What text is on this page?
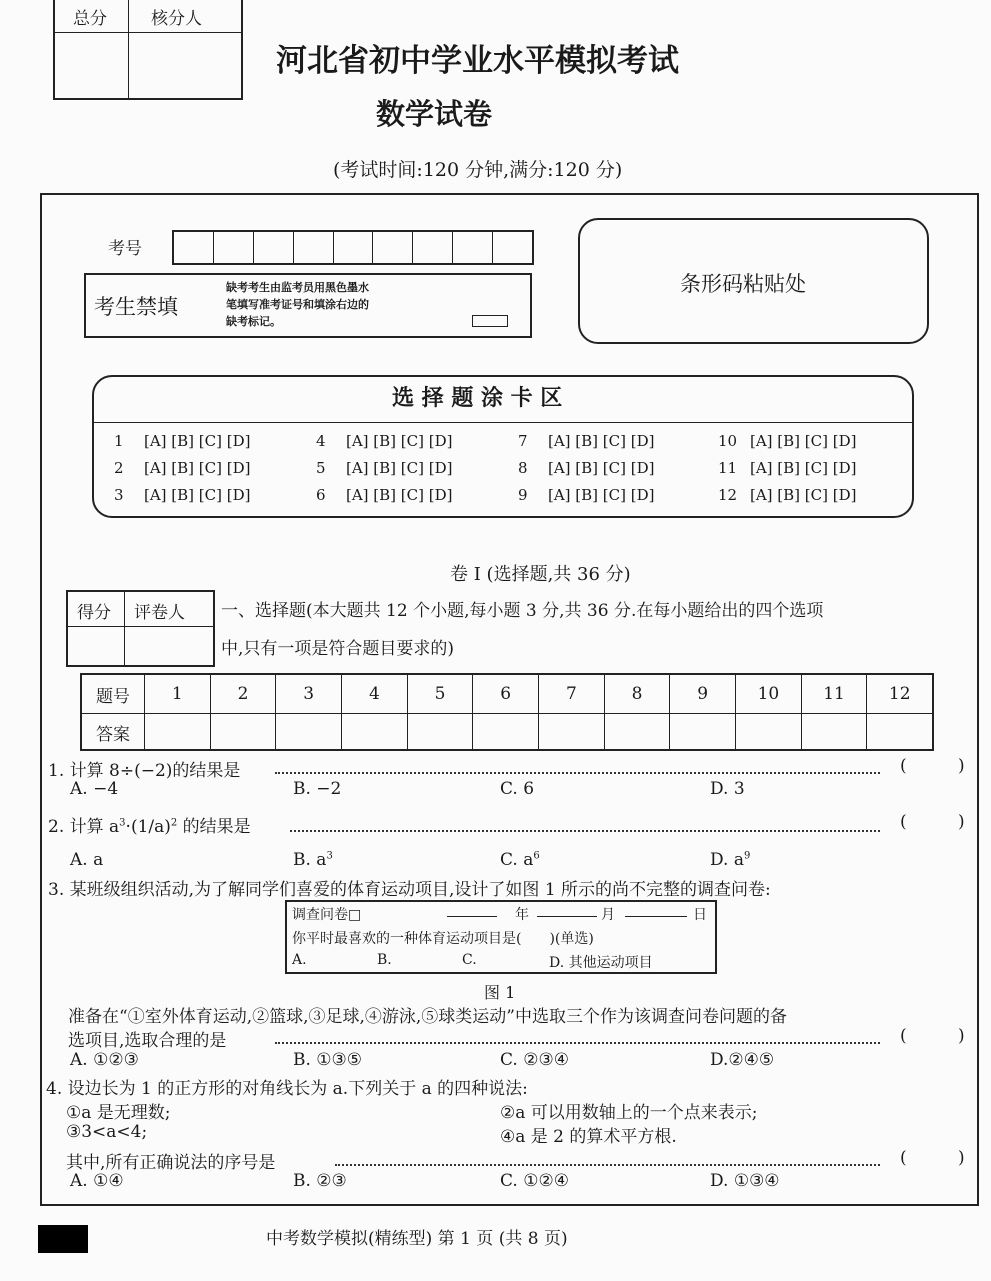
总分	核分人
河北省初中学业水平模拟考试
数学试卷
(考试时间:120 分钟,满分:120 分)
考号
考生禁填
缺考考生由监考员用黑色墨水
笔填写准考证号和填涂右边的
缺考标记。
条形码粘贴处
选 择 题 涂 卡 区
1 [A] [B] [C] [D]
2 [A] [B] [C] [D]
3 [A] [B] [C] [D]
4 [A] [B] [C] [D]
5 [A] [B] [C] [D]
6 [A] [B] [C] [D]
7 [A] [B] [C] [D]
8 [A] [B] [C] [D]
9 [A] [B] [C] [D]
10 [A] [B] [C] [D]
11 [A] [B] [C] [D]
12 [A] [B] [C] [D]
卷 I (选择题,共 36 分)
得分 评卷人 一、选择题(本大题共 12 个小题,每小题 3 分,共 36 分.在每小题给出的四个选项
中,只有一项是符合题目要求的)
题号	1	2	3	4	5	6	7	8	9	10	11	12
答案
1. 计算 8÷(−2)的结果是
2. 计算 $a^3\cdot(1/a)^2$ 的结果是
3. 某班级组织活动,为了解同学们喜爱的体育运动项目,设计了如图 1 所示的尚不完整的调查问卷:
调查问卷□	年	月	日
你平时最喜欢的一种体育运动项目是(　　)(单选)
A.	B.	C.	D. 其他运动项目
图 1
准备在“①室外体育运动,②篮球,③足球,④游泳,⑤球类运动”中选取三个作为该调查问卷问题的备
选项目,选取合理的是
4. 设边长为 1 的正方形的对角线长为 a.下列关于 a 的四种说法:
①a 是无理数;	②a 可以用数轴上的一个点来表示;
③3<a<4;	④a 是 2 的算术平方根.
其中,所有正确说法的序号是
中考数学模拟(精练型) 第 1 页 (共 8 页)
A. −4	B. −2	C. 6	D. 3
A. a	B. $a^3$	C. $a^6$	D. $a^9$
A. ①②③	B. ①③⑤	C. ②③④	D.②④⑤
A. ①④	B. ②③	C. ①②④	D. ①③④
(	)
(	)
(	)
(	)
